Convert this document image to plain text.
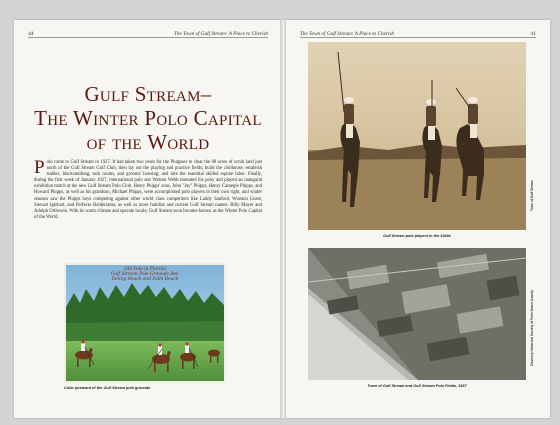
44	The Town of Gulf Stream: A Place to Cherish
Gulf Stream–
The Winter Polo Capital
of the World
Polo came to Gulf Stream in 1927. It had taken two years for the Phippses to clear the 88 acres of scrub land just north of the Gulf Stream Golf Club, then lay out the playing and practice fields; build the clubhouse; establish stables, blacksmithing, tack rooms, and grooms' housing; and hire the essential skilled equine labor. Finally, during the first week of January 1927, international polo star Watson Webb mounted his pony and played an inaugural exhibition match at the new Gulf Stream Polo Club. Henry Phipps' sons, John "Jay" Phipps, Henry Carnegie Phipps, and Howard Phipps, as well as his grandson, Michael Phipps, were accomplished polo players in their own right, and winter seasons saw the Phipps boys competing against other world class competitors like Laddy Sanford, Winston Guest, Stewart Iglehart, and Perfecto Balderrama, as well as more familiar and current Gulf Stream names: Billy Mayer and Adolph Orthwein. With its warm climate and upscale locale, Gulf Stream soon became known as the Winter Polo Capital of the World.
Old Polo in Florida
Gulf Stream Polo Grounds Bet.
Delray Beach and Palm Beach
Color postcard of the Gulf Stream polo grounds
The Town of Gulf Stream: A Place to Cherish	41
Town of Gulf Stream
Gulf Stream polo players in the 1940s
Courtesy Historical Society of Palm Beach County
Town of Gulf Stream and Gulf Stream Polo Fields, 1937
